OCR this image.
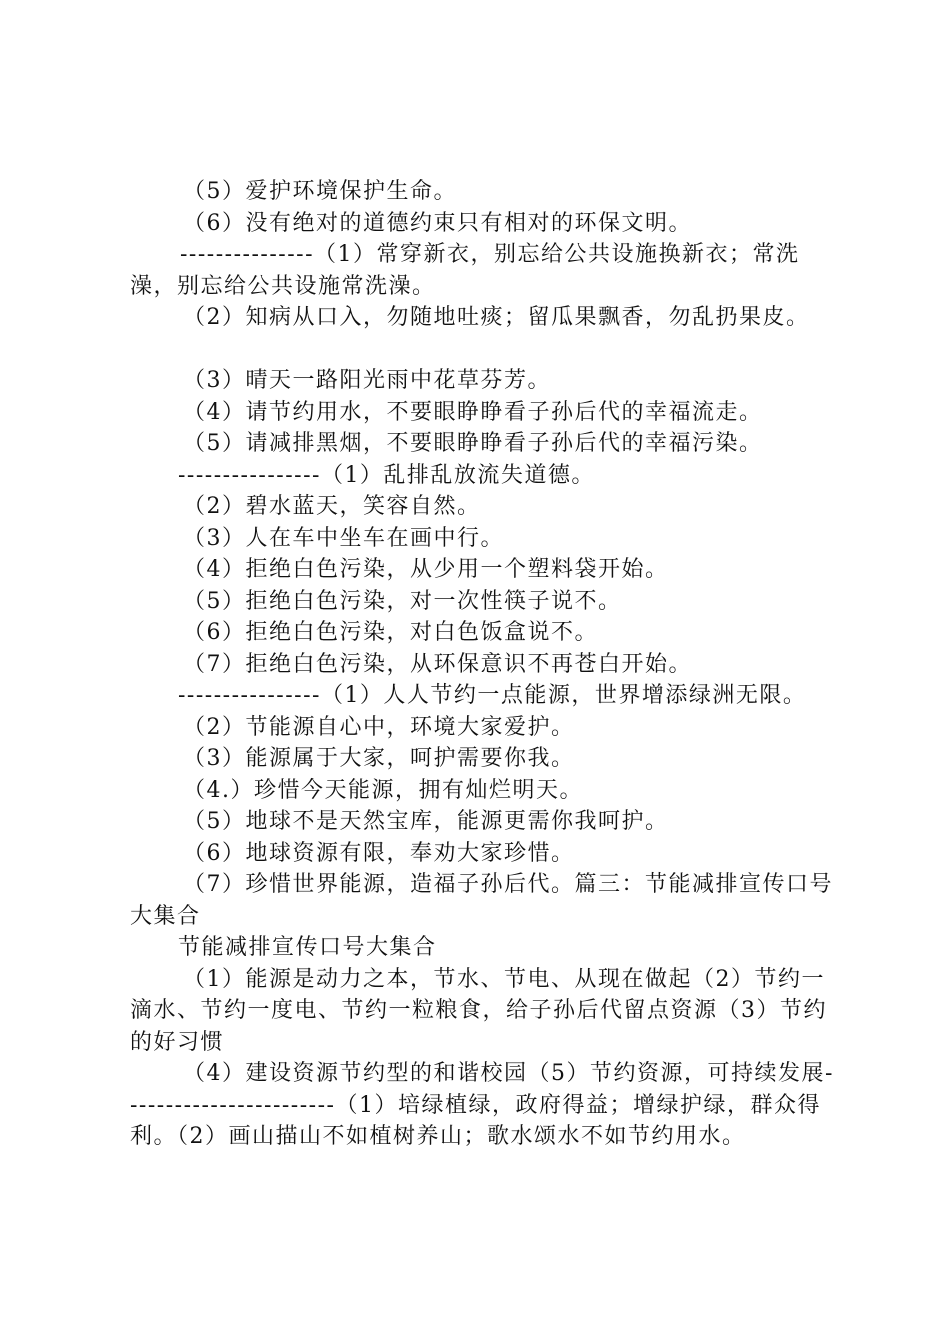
（5）爱护环境保护生命。

（6）没有绝对的道德约束只有相对的环保文明。

---------------（1）常穿新衣，别忘给公共设施换新衣；常洗澡，别忘给公共设施常洗澡。

（2）知病从口入，勿随地吐痰；留瓜果飘香，勿乱扔果皮。

（3）晴天一路阳光雨中花草芬芳。

（4）请节约用水，不要眼睁睁看子孙后代的幸福流走。

（5）请减排黑烟，不要眼睁睁看子孙后代的幸福污染。

----------------（1）乱排乱放流失道德。

（2）碧水蓝天，笑容自然。

（3）人在车中坐车在画中行。

（4）拒绝白色污染，从少用一个塑料袋开始。

（5）拒绝白色污染，对一次性筷子说不。

（6）拒绝白色污染，对白色饭盒说不。

（7）拒绝白色污染，从环保意识不再苍白开始。

----------------（1）人人节约一点能源，世界增添绿洲无限。

（2）节能源自心中，环境大家爱护。

（3）能源属于大家，呵护需要你我。

（4.）珍惜今天能源，拥有灿烂明天。

（5）地球不是天然宝库，能源更需你我呵护。

（6）地球资源有限，奉劝大家珍惜。

（7）珍惜世界能源，造福子孙后代。篇三：节能减排宣传口号大集合

节能减排宣传口号大集合

（1）能源是动力之本，节水、节电、从现在做起（2）节约一滴水、节约一度电、节约一粒粮食，给子孙后代留点资源（3）节约的好习惯

（4）建设资源节约型的和谐校园（5）节约资源，可持续发展------------------------（1）培绿植绿，政府得益；增绿护绿，群众得利。（2）画山描山不如植树养山；歌水颂水不如节约用水。
